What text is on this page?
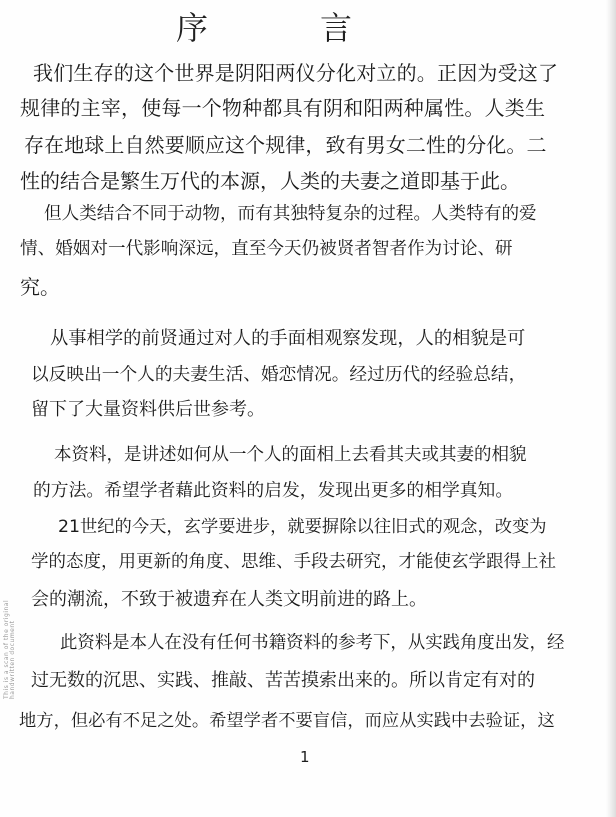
序	言
我们生存的这个世界是阴阳两仪分化对立的。正因为受这了
规律的主宰，使每一个物种都具有阴和阳两种属性。人类生
存在地球上自然要顺应这个规律，致有男女二性的分化。二
性的结合是繁生万代的本源，人类的夫妻之道即基于此。
但人类结合不同于动物，而有其独特复杂的过程。人类特有的爱
情、婚姻对一代影响深远，直至今天仍被贤者智者作为讨论、研
究。
从事相学的前贤通过对人的手面相观察发现，人的相貌是可
以反映出一个人的夫妻生活、婚恋情况。经过历代的经验总结，
留下了大量资料供后世参考。
本资料，是讲述如何从一个人的面相上去看其夫或其妻的相貌
的方法。希望学者藉此资料的启发，发现出更多的相学真知。
21世纪的今天，玄学要进步，就要摒除以往旧式的观念，改变为
学的态度，用更新的角度、思维、手段去研究，才能使玄学跟得上社
会的潮流，不致于被遗弃在人类文明前进的路上。
此资料是本人在没有任何书籍资料的参考下，从实践角度出发，经
过无数的沉思、实践、推敲、苦苦摸索出来的。所以肯定有对的
地方，但必有不足之处。希望学者不要盲信，而应从实践中去验证，这
This is a scan of the original handwritten document
1
